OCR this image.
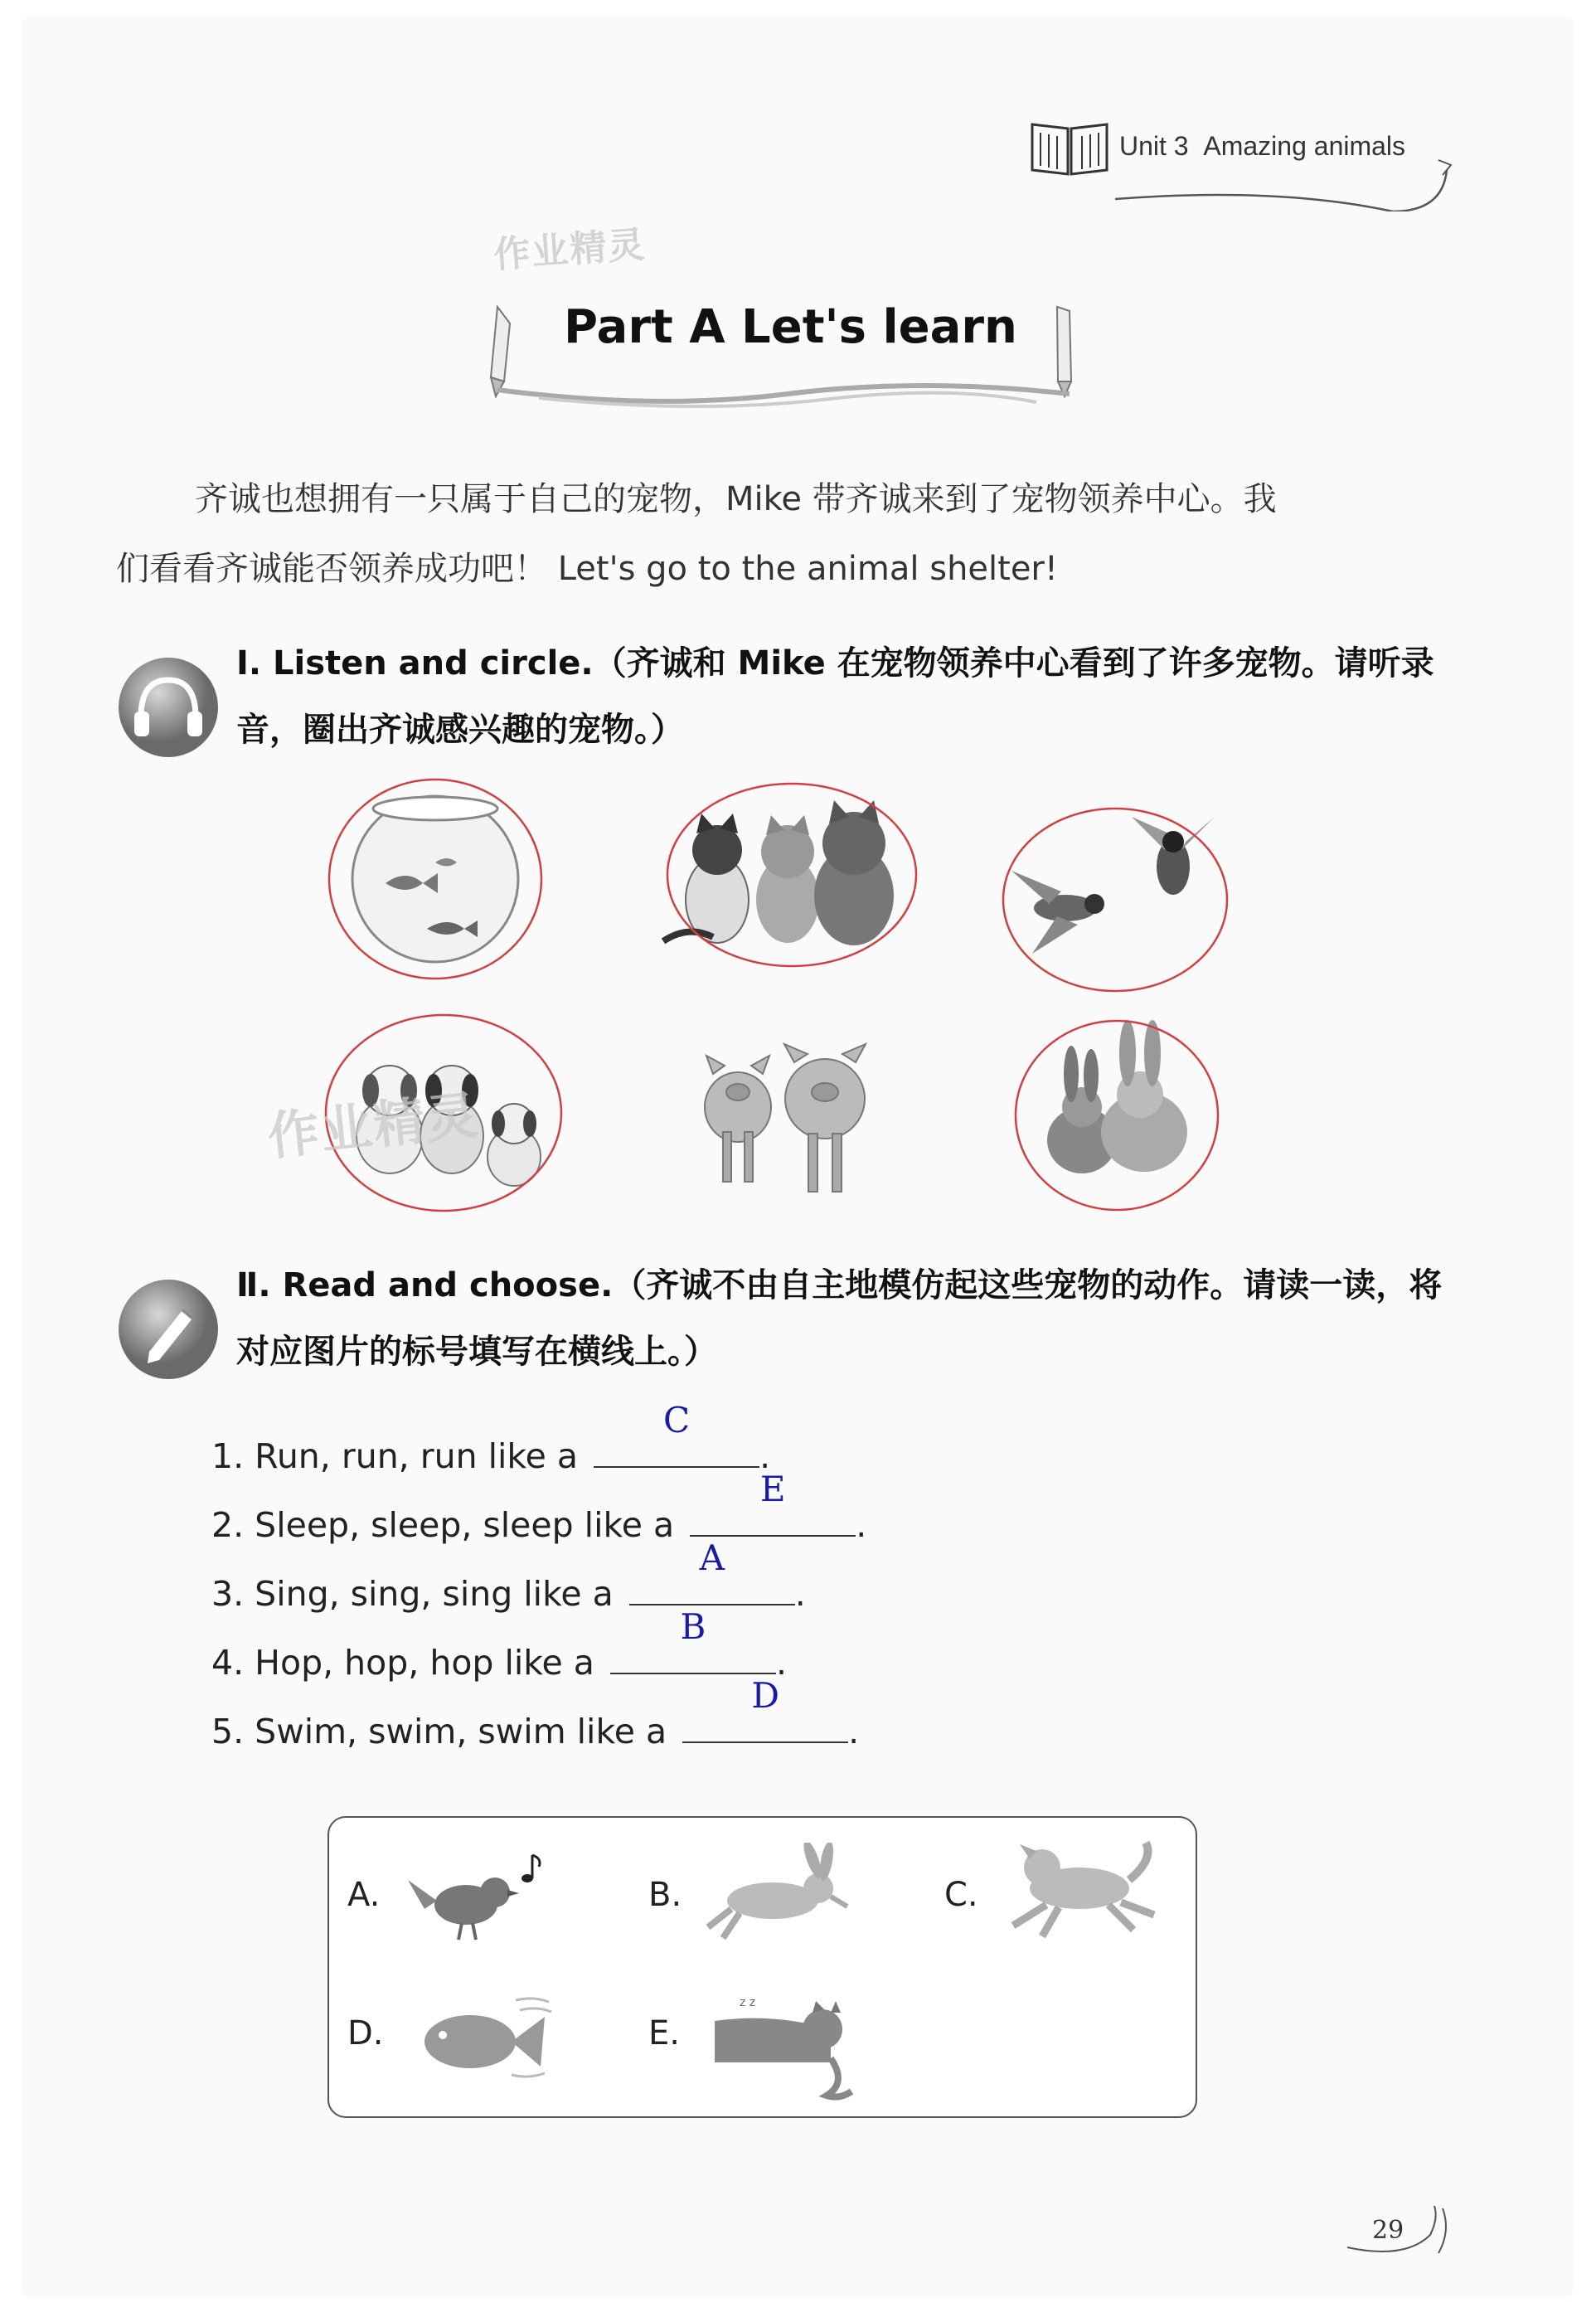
Unit 3 Amazing animals
作业精灵
Part A Let's learn
齐诚也想拥有一只属于自己的宠物，Mike 带齐诚来到了宠物领养中心。我
们看看齐诚能否领养成功吧！ Let's go to the animal shelter!
Ⅰ. Listen and circle.（齐诚和 Mike 在宠物领养中心看到了许多宠物。请听录音，圈出齐诚感兴趣的宠物。）
作业精灵
Ⅱ. Read and choose.（齐诚不由自主地模仿起这些宠物的动作。请读一读，将对应图片的标号填写在横线上。）
1. Run, run, run like a
C
.
2. Sleep, sleep, sleep like a
E
.
3. Sing, sing, sing like a
A
.
4. Hop, hop, hop like a
B
.
5. Swim, swim, swim like a
D
.
A.	B.	C.
D.	E.
z z
29
